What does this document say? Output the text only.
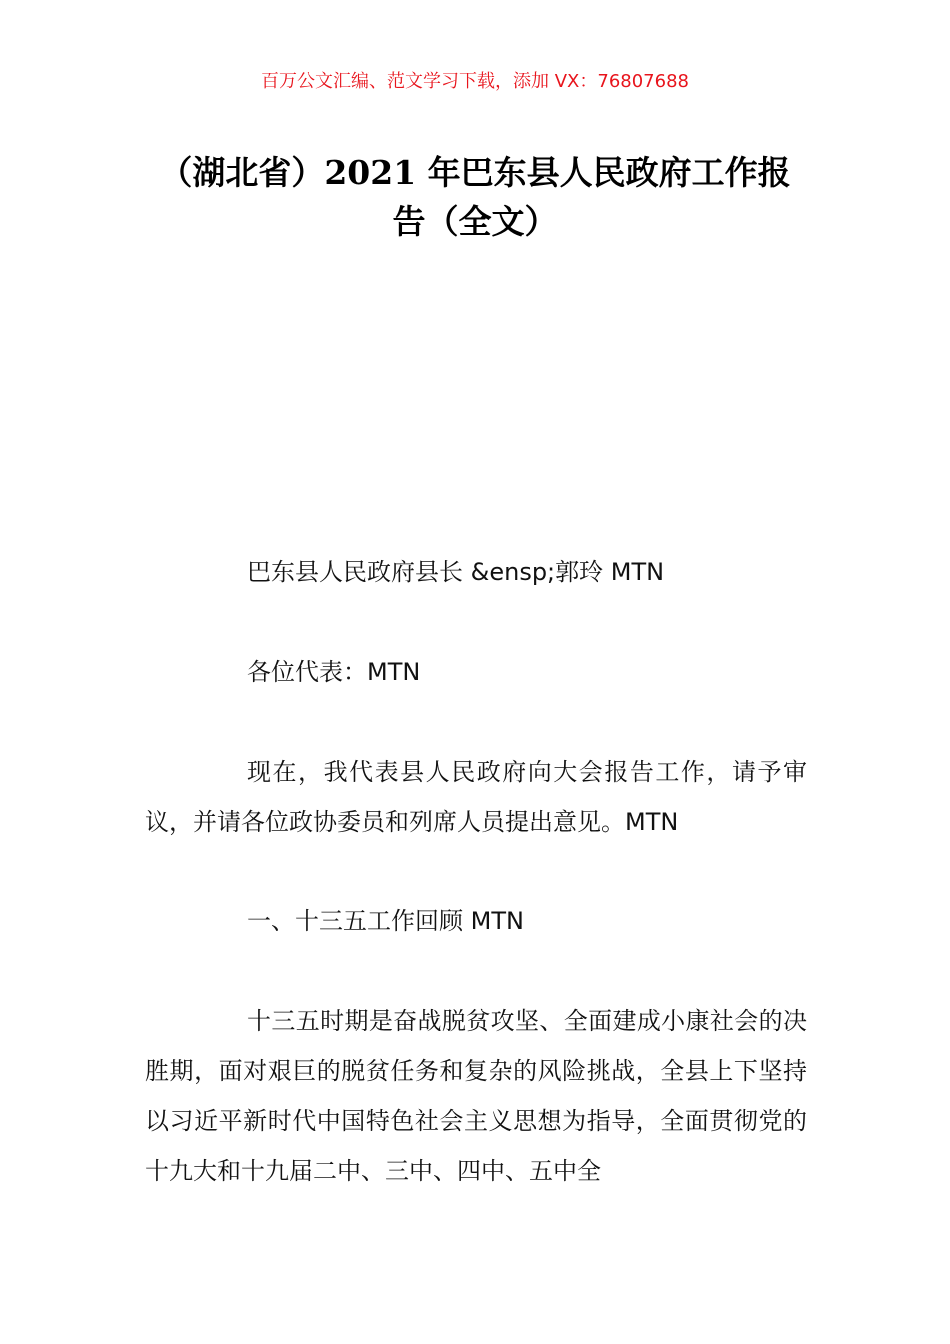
百万公文汇编、范文学习下载，添加 VX：76807688
（湖北省）2021 年巴东县人民政府工作报告（全文）

巴东县人民政府县长 &ensp;郭玲 MTN

各位代表：MTN

现在，我代表县人民政府向大会报告工作，请予审议，并请各位政协委员和列席人员提出意见。MTN

一、十三五工作回顾 MTN

十三五时期是奋战脱贫攻坚、全面建成小康社会的决胜期，面对艰巨的脱贫任务和复杂的风险挑战，全县上下坚持以习近平新时代中国特色社会主义思想为指导，全面贯彻党的十九大和十九届二中、三中、四中、五中全
